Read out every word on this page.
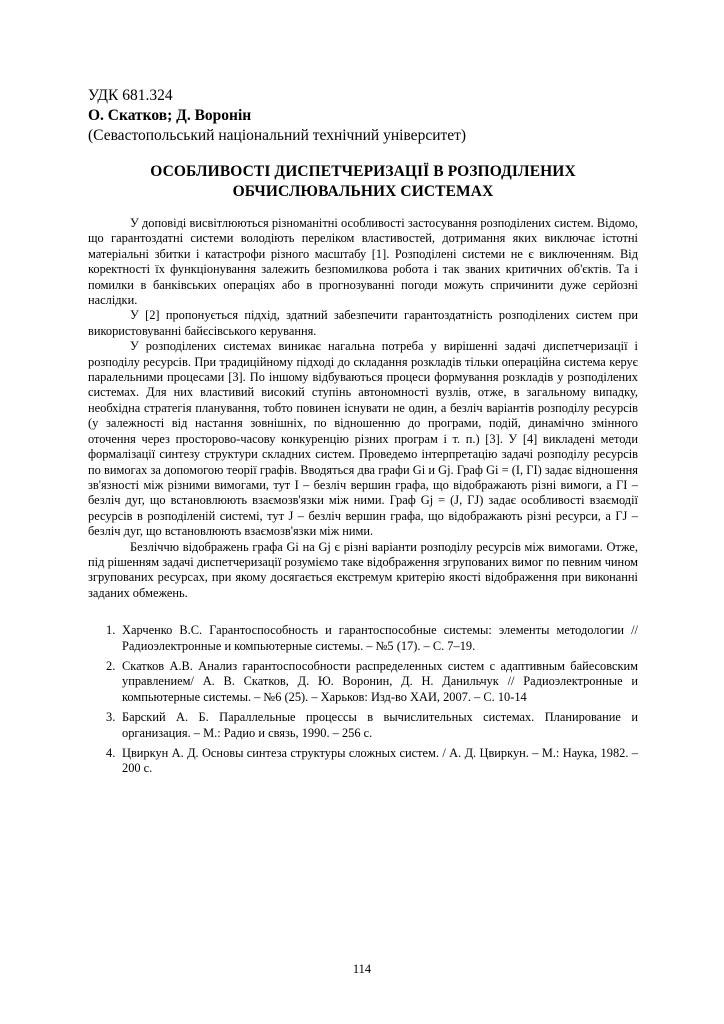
УДК 681.324
О. Скатков; Д. Воронін
(Севастопольський національний технічний університет)
ОСОБЛИВОСТІ ДИСПЕТЧЕРИЗАЦІЇ В РОЗПОДІЛЕНИХ
ОБЧИСЛЮВАЛЬНИХ СИСТЕМАХ

У доповіді висвітлюються різноманітні особливості застосування розподілених систем. Відомо, що гарантоздатні системи володіють переліком властивостей, дотримання яких виключає істотні матеріальні збитки і катастрофи різного масштабу [1]. Розподілені системи не є виключенням. Від коректності їх функціонування залежить безпомилкова робота і так званих критичних об'єктів. Та і помилки в банківських операціях або в прогнозуванні погоди можуть спричинити дуже серйозні наслідки.

У [2] пропонується підхід, здатний забезпечити гарантоздатність розподілених систем при використовуванні байєсівського керування.

У розподілених системах виникає нагальна потреба у вирішенні задачі диспетчеризації і розподілу ресурсів. При традиційному підході до складання розкладів тільки операційна система керує паралельними процесами [3]. По іншому відбуваються процеси формування розкладів у розподілених системах. Для них властивий високий ступінь автономності вузлів, отже, в загальному випадку, необхідна стратегія планування, тобто повинен існувати не один, а безліч варіантів розподілу ресурсів (у залежності від настання зовнішніх, по відношенню до програми, подій, динамічно змінного оточення через просторово-часову конкуренцію різних програм і т. п.) [3]. У [4] викладені методи формалізації синтезу структури складних систем. Проведемо інтерпретацію задачі розподілу ресурсів по вимогах за допомогою теорії графів. Вводяться два графи Gi и Gj. Граф Gi = (I, ΓI) задає відношення зв'язності між різними вимогами, тут I – безліч вершин графа, що відображають різні вимоги, а ΓI – безліч дуг, що встановлюють взаємозв'язки між ними. Граф Gj = (J, ΓJ) задає особливості взаємодії ресурсів в розподіленій системі, тут J – безліч вершин графа, що відображають різні ресурси, а ΓJ – безліч дуг, що встановлюють взаємозв'язки між ними.

Безліччю відображень графа Gi на Gj є різні варіанти розподілу ресурсів між вимогами. Отже, під рішенням задачі диспетчеризації розуміємо таке відображення згрупованих вимог по певним чином згрупованих ресурсах, при якому досягається екстремум критерію якості відображення при виконанні заданих обмежень.

1. Харченко В.С. Гарантоспособность и гарантоспособные системы: элементы методологии // Радиоэлектронные и компьютерные системы. – №5 (17). – С. 7–19.
2. Скатков А.В. Анализ гарантоспособности распределенных систем с адаптивным байесовским управлением/ А. В. Скатков, Д. Ю. Воронин, Д. Н. Данильчук // Радиоэлектронные и компьютерные системы. – №6 (25). – Харьков: Изд-во ХАИ, 2007. – С. 10-14
3. Барский А. Б. Параллельные процессы в вычислительных системах. Планирование и организация. – М.: Радио и связь, 1990. – 256 с.
4. Цвиркун А. Д. Основы синтеза структуры сложных систем. / А. Д. Цвиркун. – М.: Наука, 1982. – 200 с.
114
